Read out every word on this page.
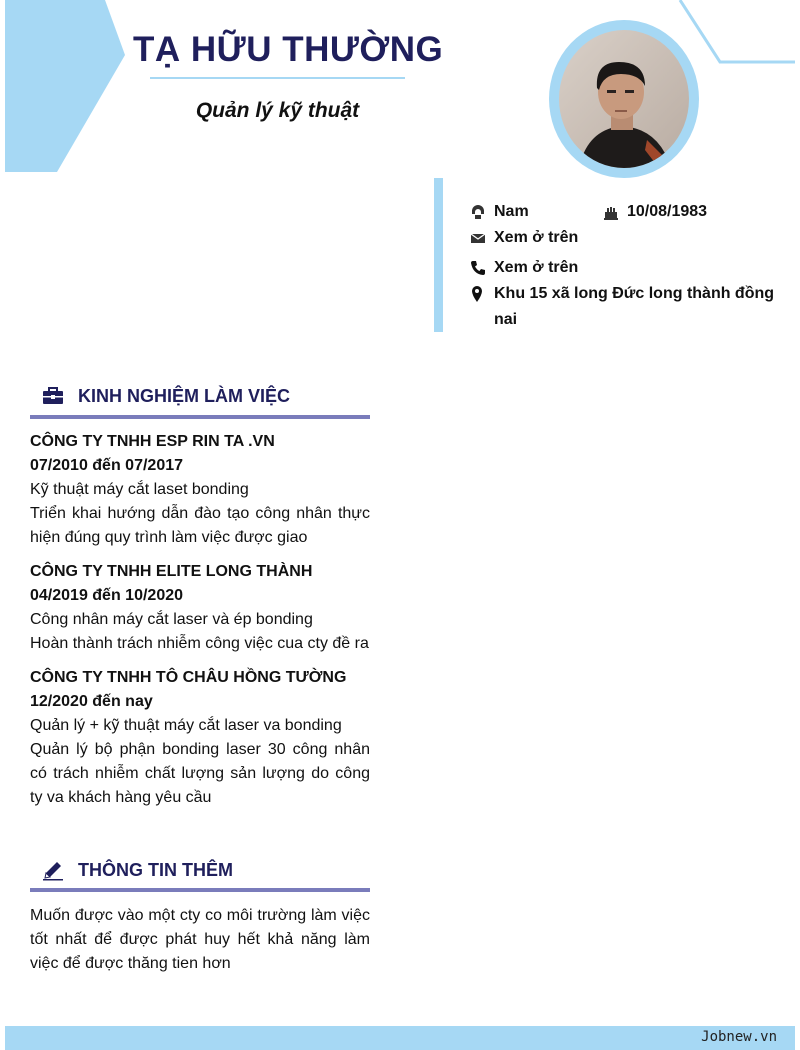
TẠ HỮU THƯỜNG
Quản lý kỹ thuật
Nam	10/08/1983
Xem ở trên
Xem ở trên
Khu 15 xã long Đức long thành đồng nai
KINH NGHIỆM LÀM VIỆC
CÔNG TY TNHH ESP RIN TA .VN
07/2010 đến 07/2017
Kỹ thuật máy cắt laset bonding
Triển khai hướng dẫn đào tạo công nhân thực hiện đúng quy trình làm việc được giao
CÔNG TY TNHH ELITE LONG THÀNH
04/2019 đến 10/2020
Công nhân máy cắt laser và ép bonding
Hoàn thành trách nhiễm công việc cua cty đề ra
CÔNG TY TNHH TÔ CHÂU HỒNG TƯỜNG
12/2020 đến nay
Quản lý + kỹ thuật máy cắt laser va bonding
Quản lý bộ phận bonding laser 30 công nhân có trách nhiễm chất lượng sản lượng do công ty va khách hàng yêu cầu
THÔNG TIN THÊM
Muốn được vào một cty co môi trường làm việc tốt nhất để được phát huy hết khả năng làm việc để được thăng tien hơn
Jobnew.vn
